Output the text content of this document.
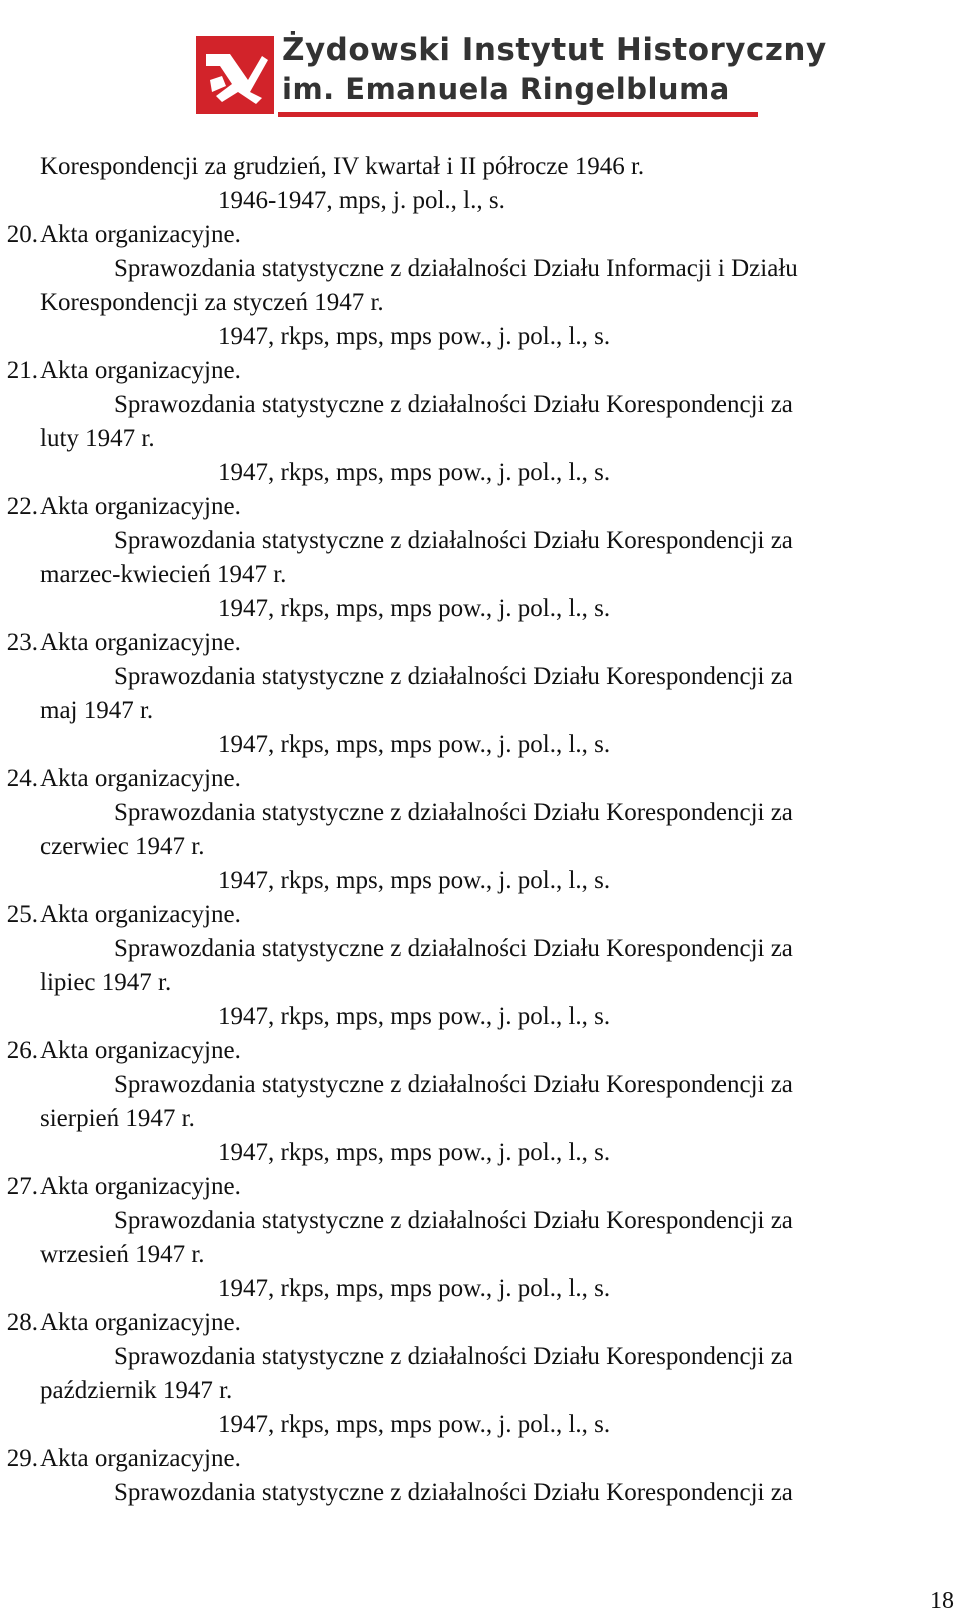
Żydowski Instytut Historyczny
im. Emanuela Ringelbluma
Korespondencji za grudzień, IV kwartał i II półrocze 1946 r.
1946-1947, mps, j. pol., l., s.
20.Akta organizacyjne.
Sprawozdania statystyczne z działalności Działu Informacji i Działu
Korespondencji za styczeń 1947 r.
1947, rkps, mps, mps pow., j. pol., l., s.
21.Akta organizacyjne.
Sprawozdania statystyczne z działalności Działu Korespondencji za
luty 1947 r.
1947, rkps, mps, mps pow., j. pol., l., s.
22.Akta organizacyjne.
Sprawozdania statystyczne z działalności Działu Korespondencji za
marzec-kwiecień 1947 r.
1947, rkps, mps, mps pow., j. pol., l., s.
23.Akta organizacyjne.
Sprawozdania statystyczne z działalności Działu Korespondencji za
maj 1947 r.
1947, rkps, mps, mps pow., j. pol., l., s.
24.Akta organizacyjne.
Sprawozdania statystyczne z działalności Działu Korespondencji za
czerwiec 1947 r.
1947, rkps, mps, mps pow., j. pol., l., s.
25.Akta organizacyjne.
Sprawozdania statystyczne z działalności Działu Korespondencji za
lipiec 1947 r.
1947, rkps, mps, mps pow., j. pol., l., s.
26.Akta organizacyjne.
Sprawozdania statystyczne z działalności Działu Korespondencji za
sierpień 1947 r.
1947, rkps, mps, mps pow., j. pol., l., s.
27.Akta organizacyjne.
Sprawozdania statystyczne z działalności Działu Korespondencji za
wrzesień 1947 r.
1947, rkps, mps, mps pow., j. pol., l., s.
28.Akta organizacyjne.
Sprawozdania statystyczne z działalności Działu Korespondencji za
październik 1947 r.
1947, rkps, mps, mps pow., j. pol., l., s.
29.Akta organizacyjne.
Sprawozdania statystyczne z działalności Działu Korespondencji za
18
